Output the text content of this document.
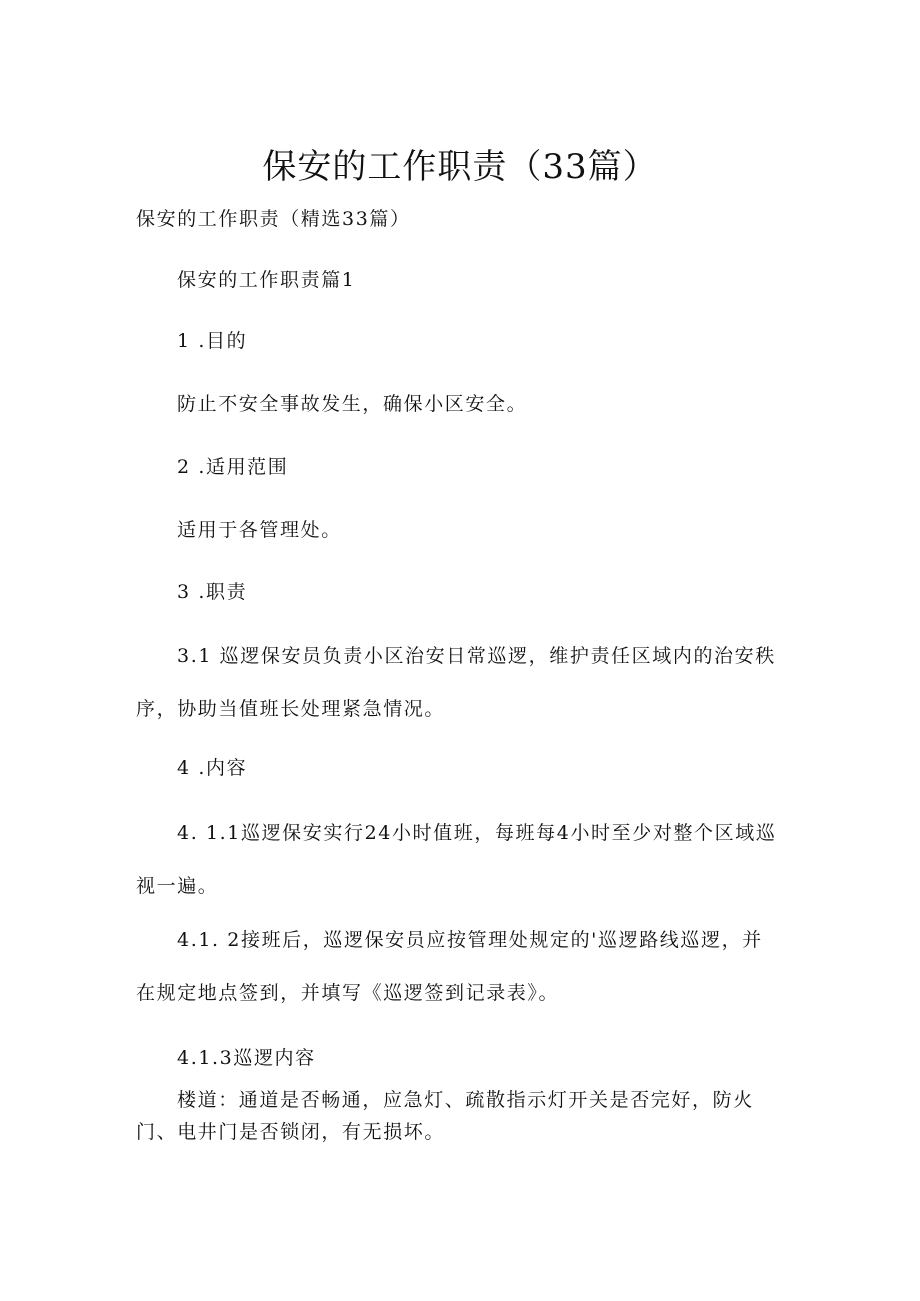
保安的工作职责（33篇）

保安的工作职责（精选33篇）

保安的工作职责篇1

1 .目的

防止不安全事故发生，确保小区安全。

2 .适用范围

适用于各管理处。

3 .职责

3.1 巡逻保安员负责小区治安日常巡逻，维护责任区域内的治安秩序，协助当值班长处理紧急情况。

4 .内容

4. 1.1巡逻保安实行24小时值班，每班每4小时至少对整个区域巡视一遍。

4.1. 2接班后，巡逻保安员应按管理处规定的'巡逻路线巡逻，并在规定地点签到，并填写《巡逻签到记录表》。

4.1.3巡逻内容

楼道：通道是否畅通，应急灯、疏散指示灯开关是否完好，防火门、电井门是否锁闭，有无损坏。
